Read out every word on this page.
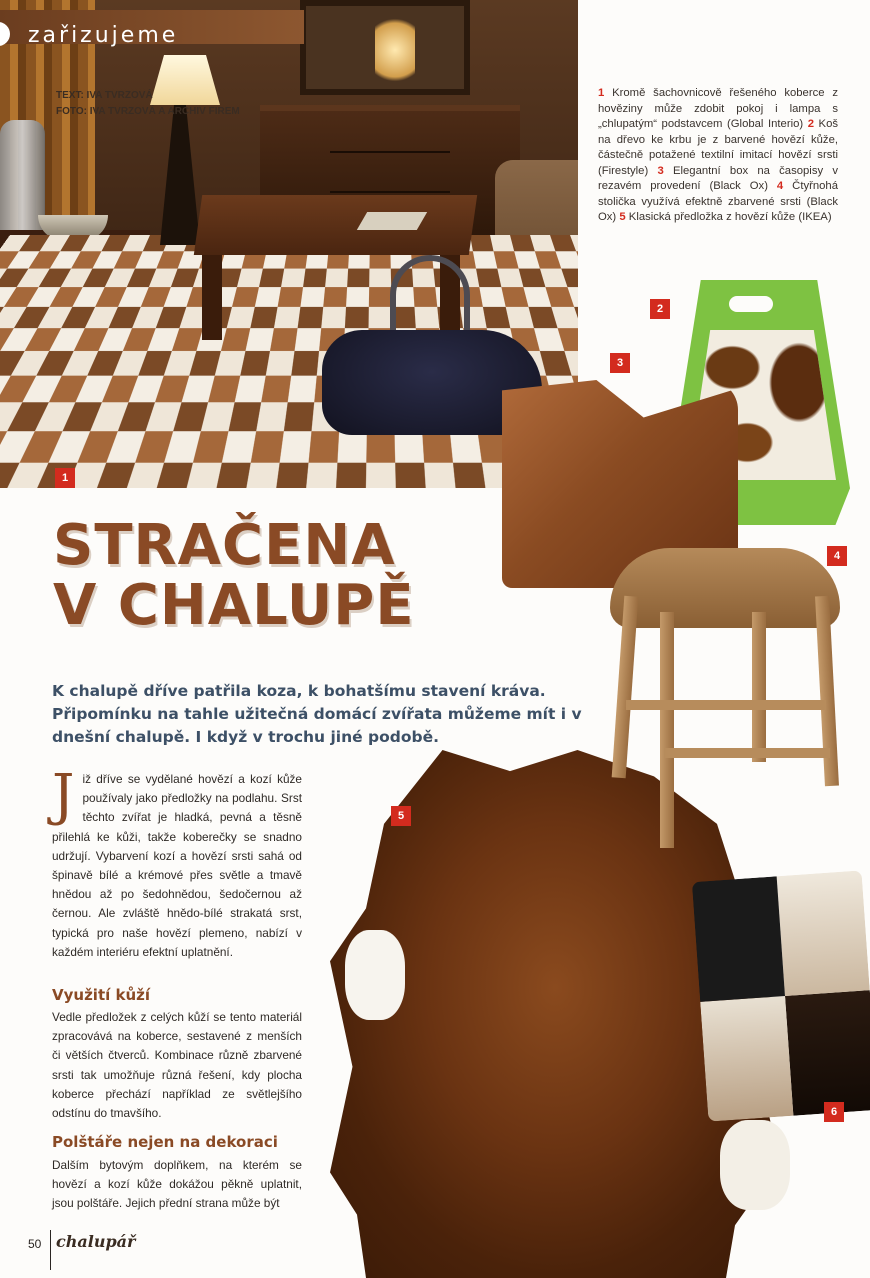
zařizujeme
TEXT: IVA TVRZOVÁ
FOTO: IVA TVRZOVÁ A ARCHIV FIREM
1
2
3
4
5
6
1 Kromě šachovnicově řešeného koberce z hověziny může zdobit pokoj i lampa s „chlupatým“ podstavcem (Global Interio) 2 Koš na dřevo ke krbu je z barvené hovězí kůže, částečně potažené textilní imitací hovězí srsti (Firestyle) 3 Elegantní box na časopisy v rezavém provedení (Black Ox) 4 Čtyřnohá stolička využívá efektně zbarvené srsti (Black Ox) 5 Klasická předložka z hovězí kůže (IKEA)
STRAČENA
V CHALUPĚ
K chalupě dříve patřila koza, k bohatšímu stavení kráva. Připomínku na tahle užitečná domácí zvířata můžeme mít i v dnešní chalupě. I když v trochu jiné podobě.
Již dříve se vydělané hovězí a kozí kůže používaly jako předložky na podlahu. Srst těchto zvířat je hladká, pevná a těsně přilehlá ke kůži, takže koberečky se snadno udržují. Vybarvení kozí a hovězí srsti sahá od špinavě bílé a krémové přes světle a tmavě hnědou až po šedohnědou, šedočernou až černou. Ale zvláště hnědo-bílé strakatá srst, typická pro naše hovězí plemeno, nabízí v každém interiéru efektní uplatnění.
Využití kůží
Vedle předložek z celých kůží se tento materiál zpracovává na koberce, sestavené z menších či větších čtverců. Kombinace různě zbarvené srsti tak umožňuje různá řešení, kdy plocha koberce přechází například ze světlejšího odstínu do tmavšího.
Polštáře nejen na dekoraci
Dalším bytovým doplňkem, na kterém se hovězí a kozí kůže dokážou pěkně uplatnit, jsou polštáře. Jejich přední strana může být
50 chalupář
